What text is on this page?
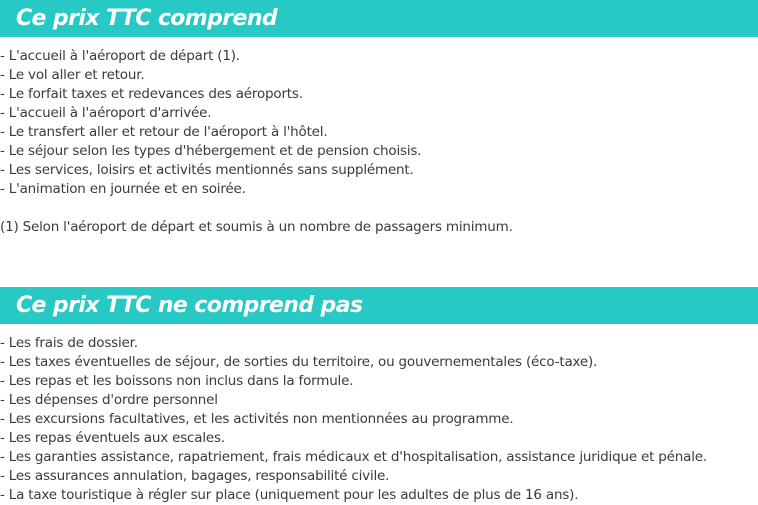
Ce prix TTC comprend
- L'accueil à l'aéroport de départ (1).
- Le vol aller et retour.
- Le forfait taxes et redevances des aéroports.
- L'accueil à l'aéroport d'arrivée.
- Le transfert aller et retour de l'aéroport à l'hôtel.
- Le séjour selon les types d'hébergement et de pension choisis.
- Les services, loisirs et activités mentionnés sans supplément.
- L'animation en journée et en soirée.
(1) Selon l'aéroport de départ et soumis à un nombre de passagers minimum.
Ce prix TTC ne comprend pas
- Les frais de dossier.
- Les taxes éventuelles de séjour, de sorties du territoire, ou gouvernementales (éco-taxe).
- Les repas et les boissons non inclus dans la formule.
- Les dépenses d'ordre personnel
- Les excursions facultatives, et les activités non mentionnées au programme.
- Les repas éventuels aux escales.
- Les garanties assistance, rapatriement, frais médicaux et d'hospitalisation, assistance juridique et pénale.
- Les assurances annulation, bagages, responsabilité civile.
- La taxe touristique à régler sur place (uniquement pour les adultes de plus de 16 ans).
